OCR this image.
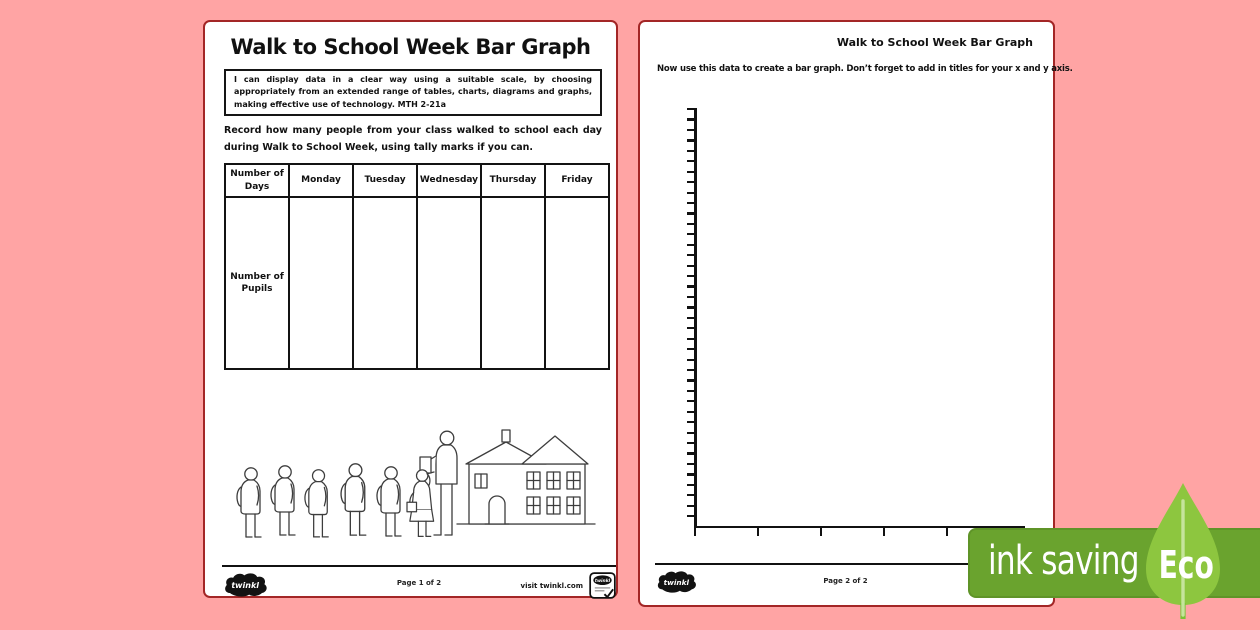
Walk to School Week Bar Graph
I can display data in a clear way using a suitable scale, by choosing appropriately from an extended range of tables, charts, diagrams and graphs, making effective use of technology. MTH 2-21a
Record how many people from your class walked to school each day during Walk to School Week, using tally marks if you can.
Number of Days	Monday	Tuesday	Wednesday	Thursday	Friday
Number of Pupils					
twinkl	Page 1 of 2	visit twinkl.com
twinkl
Walk to School Week Bar Graph
Now use this data to create a bar graph. Don’t forget to add in titles for your x and y axis.
twinkl	Page 2 of 2	ink saving Eco
